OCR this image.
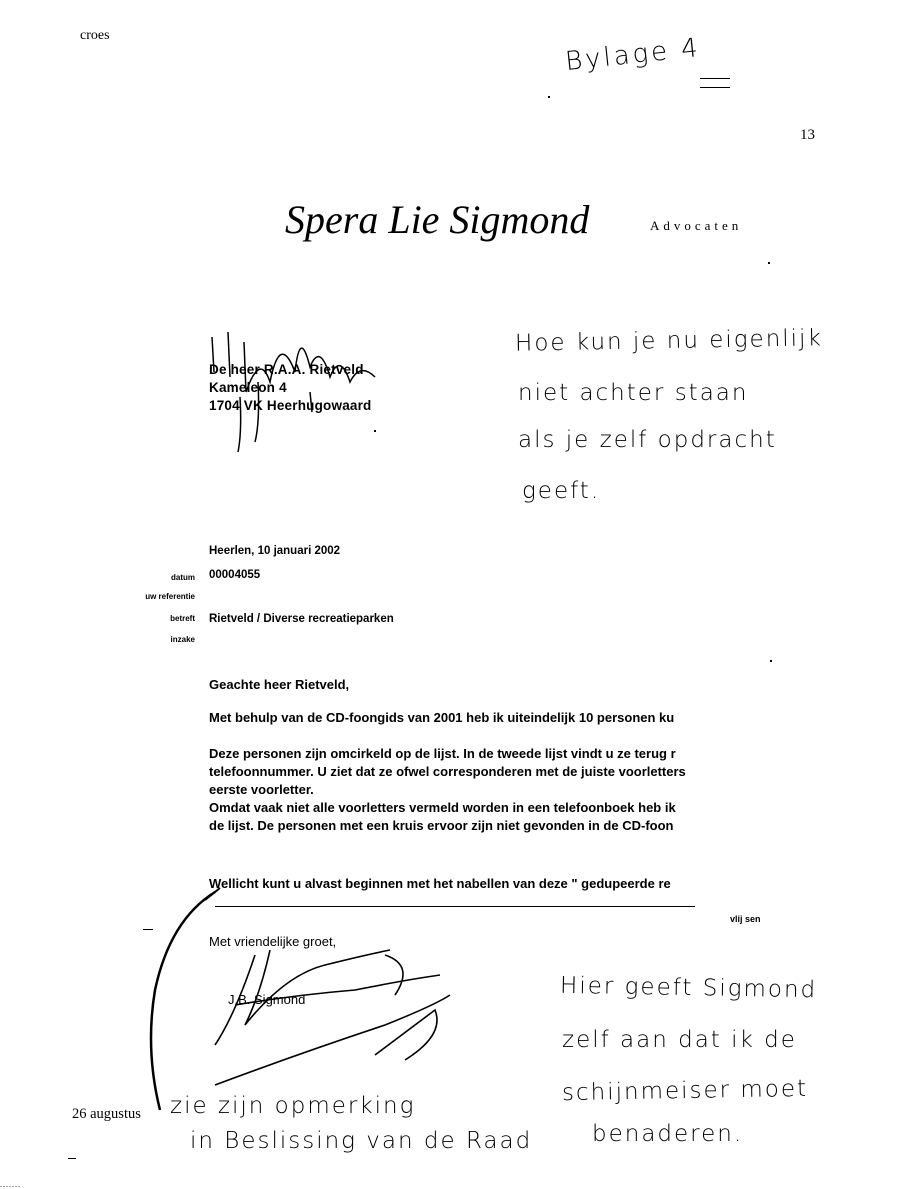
croes	Bylage 4
13
Spera Lie Sigmond	Advocaten
De heer R.A.A. Rietveld
Kameleon 4
1704 VK Heerhugowaard
Hoe kun je nu eigenlijk
niet achter staan
als je zelf opdracht
geeft.
Heerlen, 10 januari 2002
00004055
Rietveld / Diverse recreatieparken
datum
uw referentie
betreft
inzake
Geachte heer Rietveld,
Met behulp van de CD-foongids van 2001 heb ik uiteindelijk 10 personen ku
Deze personen zijn omcirkeld op de lijst. In de tweede lijst vindt u ze terug r
telefoonnummer. U ziet dat ze ofwel corresponderen met de juiste voorletters
eerste voorletter.
Omdat vaak niet alle voorletters vermeld worden in een telefoonboek heb ik
de lijst. De personen met een kruis ervoor zijn niet gevonden in de CD-foon
Wellicht kunt u alvast beginnen met het nabellen van deze " gedupeerde re
Met vriendelijke groet,
J.B. Sigmond
vlij sen
Hier geeft Sigmond
zelf aan dat ik de
schijnmeiser moet
benaderen.
zie zijn opmerking
in Beslissing van de Raad
26 augustus
.......
